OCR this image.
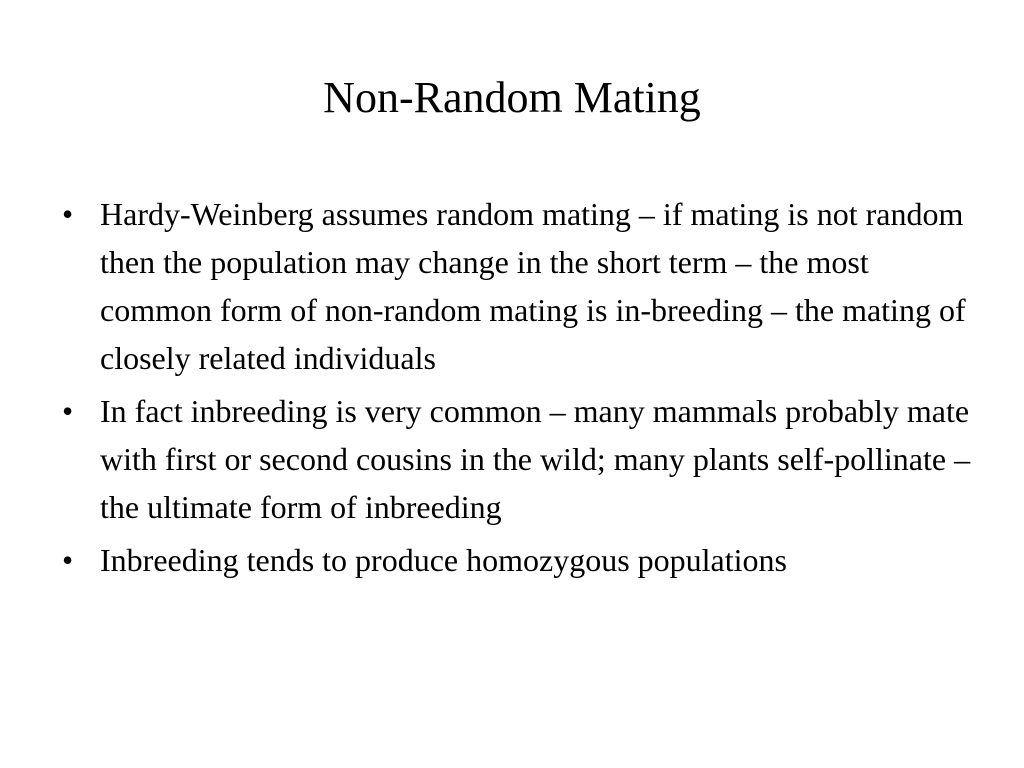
Non-Random Mating
• Hardy-Weinberg assumes random mating – if mating is not random then the population may change in the short term – the most common form of non-random mating is in-breeding – the mating of closely related individuals
• In fact inbreeding is very common – many mammals probably mate with first or second cousins in the wild; many plants self-pollinate – the ultimate form of inbreeding
• Inbreeding tends to produce homozygous populations
